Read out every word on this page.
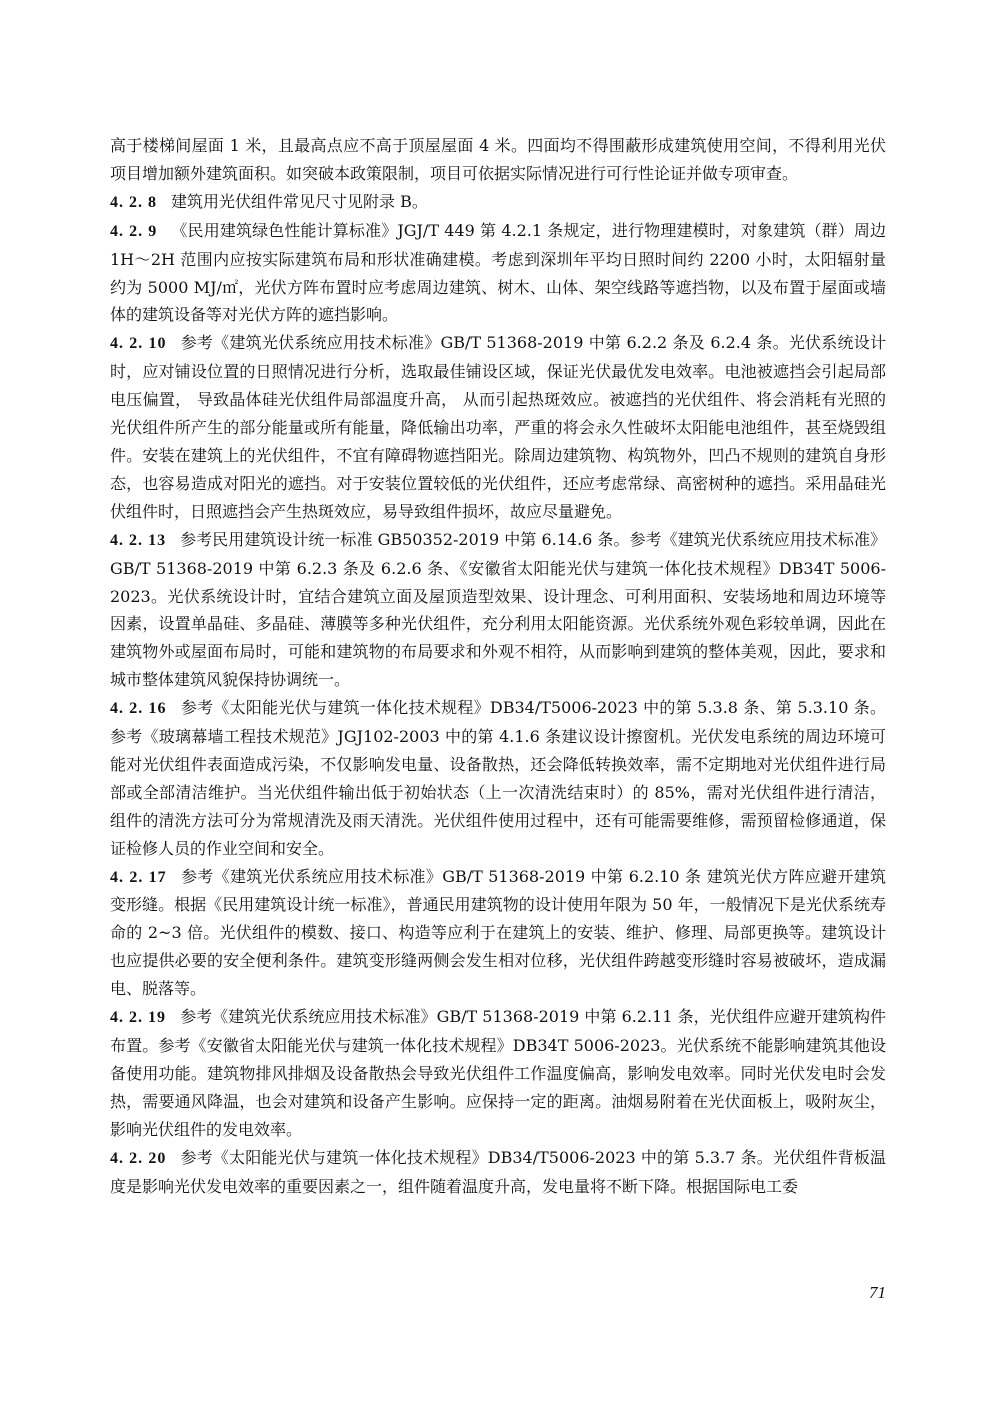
高于楼梯间屋面 1 米，且最高点应不高于顶屋屋面 4 米。四面均不得围蔽形成建筑使用空间，不得利用光伏项目增加额外建筑面积。如突破本政策限制，项目可依据实际情况进行可行性论证并做专项审查。

4. 2. 8 建筑用光伏组件常见尺寸见附录 B。

4. 2. 9 《民用建筑绿色性能计算标准》JGJ/T 449 第 4.2.1 条规定，进行物理建模时，对象建筑（群）周边 1H～2H 范围内应按实际建筑布局和形状准确建模。考虑到深圳年平均日照时间约 2200 小时，太阳辐射量约为 5000 MJ/㎡，光伏方阵布置时应考虑周边建筑、树木、山体、架空线路等遮挡物，以及布置于屋面或墙体的建筑设备等对光伏方阵的遮挡影响。

4. 2. 10 参考《建筑光伏系统应用技术标准》GB/T 51368-2019 中第 6.2.2 条及 6.2.4 条。光伏系统设计时，应对铺设位置的日照情况进行分析，选取最佳铺设区域，保证光伏最优发电效率。电池被遮挡会引起局部电压偏置， 导致晶体硅光伏组件局部温度升高， 从而引起热斑效应。被遮挡的光伏组件、将会消耗有光照的光伏组件所产生的部分能量或所有能量，降低输出功率，严重的将会永久性破坏太阳能电池组件，甚至烧毁组件。安装在建筑上的光伏组件，不宜有障碍物遮挡阳光。除周边建筑物、构筑物外，凹凸不规则的建筑自身形态，也容易造成对阳光的遮挡。对于安装位置较低的光伏组件，还应考虑常绿、高密树种的遮挡。采用晶硅光伏组件时，日照遮挡会产生热斑效应，易导致组件损坏，故应尽量避免。

4. 2. 13 参考民用建筑设计统一标准 GB50352-2019 中第 6.14.6 条。参考《建筑光伏系统应用技术标准》GB/T 51368-2019 中第 6.2.3 条及 6.2.6 条、《安徽省太阳能光伏与建筑一体化技术规程》DB34T 5006-2023。光伏系统设计时，宜结合建筑立面及屋顶造型效果、设计理念、可利用面积、安装场地和周边环境等因素，设置单晶硅、多晶硅、薄膜等多种光伏组件，充分利用太阳能资源。光伏系统外观色彩较单调，因此在建筑物外或屋面布局时，可能和建筑物的布局要求和外观不相符，从而影响到建筑的整体美观，因此，要求和城市整体建筑风貌保持协调统一。

4. 2. 16 参考《太阳能光伏与建筑一体化技术规程》DB34/T5006-2023 中的第 5.3.8 条、第 5.3.10 条。参考《玻璃幕墙工程技术规范》JGJ102-2003 中的第 4.1.6 条建议设计擦窗机。光伏发电系统的周边环境可能对光伏组件表面造成污染，不仅影响发电量、设备散热，还会降低转换效率，需不定期地对光伏组件进行局部或全部清洁维护。当光伏组件输出低于初始状态（上一次清洗结束时）的 85%，需对光伏组件进行清洁，组件的清洗方法可分为常规清洗及雨天清洗。光伏组件使用过程中，还有可能需要维修，需预留检修通道，保证检修人员的作业空间和安全。

4. 2. 17 参考《建筑光伏系统应用技术标准》GB/T 51368-2019 中第 6.2.10 条 建筑光伏方阵应避开建筑变形缝。根据《民用建筑设计统一标准》，普通民用建筑物的设计使用年限为 50 年，一般情况下是光伏系统寿命的 2~3 倍。光伏组件的模数、接口、构造等应利于在建筑上的安装、维护、修理、局部更换等。建筑设计也应提供必要的安全便利条件。建筑变形缝两侧会发生相对位移，光伏组件跨越变形缝时容易被破坏，造成漏电、脱落等。

4. 2. 19 参考《建筑光伏系统应用技术标准》GB/T 51368-2019 中第 6.2.11 条，光伏组件应避开建筑构件布置。参考《安徽省太阳能光伏与建筑一体化技术规程》DB34T 5006-2023。光伏系统不能影响建筑其他设备使用功能。建筑物排风排烟及设备散热会导致光伏组件工作温度偏高，影响发电效率。同时光伏发电时会发热，需要通风降温，也会对建筑和设备产生影响。应保持一定的距离。油烟易附着在光伏面板上，吸附灰尘，影响光伏组件的发电效率。

4. 2. 20 参考《太阳能光伏与建筑一体化技术规程》DB34/T5006-2023 中的第 5.3.7 条。光伏组件背板温度是影响光伏发电效率的重要因素之一，组件随着温度升高，发电量将不断下降。根据国际电工委

71
